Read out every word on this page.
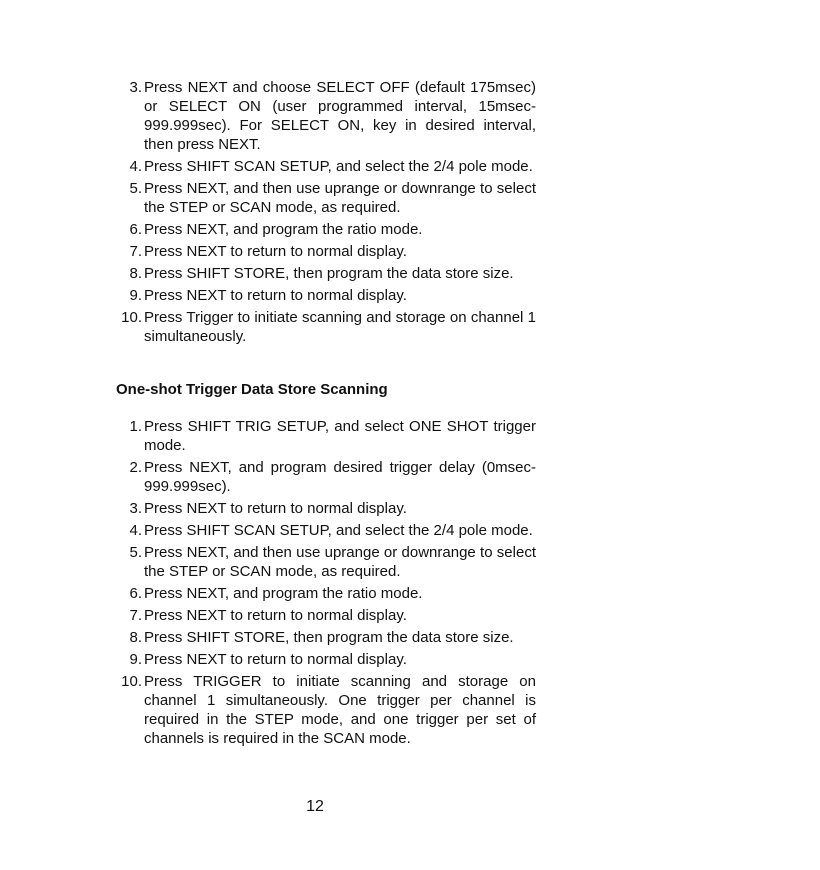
3. Press NEXT and choose SELECT OFF (default 175msec) or SELECT ON (user programmed interval, 15msec-999.999sec). For SELECT ON, key in desired interval, then press NEXT.
4. Press SHIFT SCAN SETUP, and select the 2/4 pole mode.
5. Press NEXT, and then use uprange or downrange to select the STEP or SCAN mode, as required.
6. Press NEXT, and program the ratio mode.
7. Press NEXT to return to normal display.
8. Press SHIFT STORE, then program the data store size.
9. Press NEXT to return to normal display.
10. Press Trigger to initiate scanning and storage on channel 1 simultaneously.
One-shot Trigger Data Store Scanning
1. Press SHIFT TRIG SETUP, and select ONE SHOT trigger mode.
2. Press NEXT, and program desired trigger delay (0msec-999.999sec).
3. Press NEXT to return to normal display.
4. Press SHIFT SCAN SETUP, and select the 2/4 pole mode.
5. Press NEXT, and then use uprange or downrange to select the STEP or SCAN mode, as required.
6. Press NEXT, and program the ratio mode.
7. Press NEXT to return to normal display.
8. Press SHIFT STORE, then program the data store size.
9. Press NEXT to return to normal display.
10. Press TRIGGER to initiate scanning and storage on channel 1 simultaneously. One trigger per channel is required in the STEP mode, and one trigger per set of channels is required in the SCAN mode.
12
